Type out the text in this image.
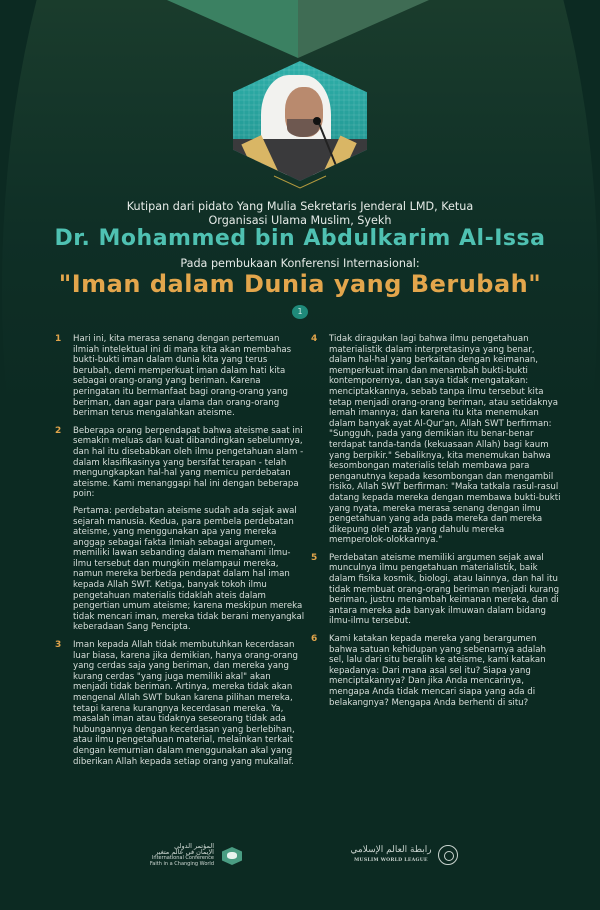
Kutipan dari pidato Yang Mulia Sekretaris Jenderal LMD, Ketua
Organisasi Ulama Muslim, Syekh
Dr. Mohammed bin Abdulkarim Al-Issa
Pada pembukaan Konferensi Internasional:
"Iman dalam Dunia yang Berubah"
1
1 Hari ini, kita merasa senang dengan pertemuan ilmiah intelektual ini di mana kita akan membahas bukti-bukti iman dalam dunia kita yang terus berubah, demi memperkuat iman dalam hati kita sebagai orang-orang yang beriman. Karena peringatan itu bermanfaat bagi orang-orang yang beriman, dan agar para ulama dan orang-orang beriman terus mengalahkan ateisme.

2 Beberapa orang berpendapat bahwa ateisme saat ini semakin meluas dan kuat dibandingkan sebelumnya, dan hal itu disebabkan oleh ilmu pengetahuan alam - dalam klasifikasinya yang bersifat terapan - telah mengungkapkan hal-hal yang memicu perdebatan ateisme. Kami menanggapi hal ini dengan beberapa poin:

Pertama: perdebatan ateisme sudah ada sejak awal sejarah manusia. Kedua, para pembela perdebatan ateisme, yang menggunakan apa yang mereka anggap sebagai fakta ilmiah sebagai argumen, memiliki lawan sebanding dalam memahami ilmu-ilmu tersebut dan mungkin melampaui mereka, namun mereka berbeda pendapat dalam hal iman kepada Allah SWT. Ketiga, banyak tokoh ilmu pengetahuan materialis tidaklah ateis dalam pengertian umum ateisme; karena meskipun mereka tidak mencari iman, mereka tidak berani menyangkal keberadaan Sang Pencipta.

3 Iman kepada Allah tidak membutuhkan kecerdasan luar biasa, karena jika demikian, hanya orang-orang yang cerdas saja yang beriman, dan mereka yang kurang cerdas "yang juga memiliki akal" akan menjadi tidak beriman. Artinya, mereka tidak akan mengenal Allah SWT bukan karena pilihan mereka, tetapi karena kurangnya kecerdasan mereka. Ya, masalah iman atau tidaknya seseorang tidak ada hubungannya dengan kecerdasan yang berlebihan, atau ilmu pengetahuan material, melainkan terkait dengan kemurnian dalam menggunakan akal yang diberikan Allah kepada setiap orang yang mukallaf.

4 Tidak diragukan lagi bahwa ilmu pengetahuan materialistik dalam interpretasinya yang benar, dalam hal-hal yang berkaitan dengan keimanan, memperkuat iman dan menambah bukti-bukti kontemporernya, dan saya tidak mengatakan: menciptakkannya, sebab tanpa ilmu tersebut kita tetap menjadi orang-orang beriman, atau setidaknya lemah imannya; dan karena itu kita menemukan dalam banyak ayat Al-Qur'an, Allah SWT berfirman: "Sungguh, pada yang demikian itu benar-benar terdapat tanda-tanda (kekuasaan Allah) bagi kaum yang berpikir." Sebaliknya, kita menemukan bahwa kesombongan materialis telah membawa para penganutnya kepada kesombongan dan mengambil risiko, Allah SWT berfirman: "Maka tatkala rasul-rasul datang kepada mereka dengan membawa bukti-bukti yang nyata, mereka merasa senang dengan ilmu pengetahuan yang ada pada mereka dan mereka dikepung oleh azab yang dahulu mereka memperolok-olokkannya."

5 Perdebatan ateisme memiliki argumen sejak awal munculnya ilmu pengetahuan materialistik, baik dalam fisika kosmik, biologi, atau lainnya, dan hal itu tidak membuat orang-orang beriman menjadi kurang beriman, justru menambah keimanan mereka, dan di antara mereka ada banyak ilmuwan dalam bidang ilmu-ilmu tersebut.

6 Kami katakan kepada mereka yang berargumen bahwa satuan kehidupan yang sebenarnya adalah sel, lalu dari situ beralih ke ateisme, kami katakan kepadanya: Dari mana asal sel itu? Siapa yang menciptakannya? Dan jika Anda mencarinya, mengapa Anda tidak mencari siapa yang ada di belakangnya? Mengapa Anda berhenti di situ?

المؤتمر الدولي
الإيمان في عالم متغير
International Conference
Faith in a Changing World
رابطة العالم الإسلامي
MUSLIM WORLD LEAGUE
